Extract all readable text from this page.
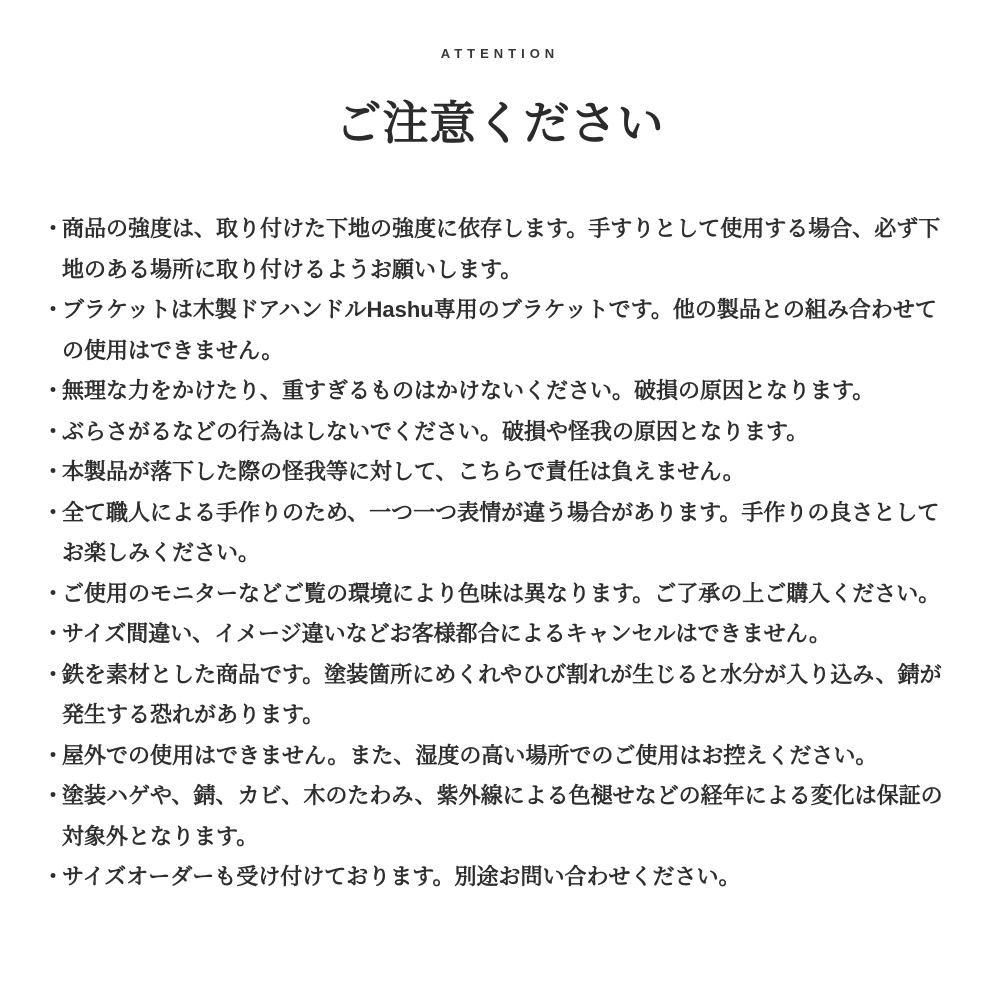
ATTENTION
ご注意ください
・
商品の強度は、取り付けた下地の強度に依存します。手すりとして使用する場合、必ず下地のある場所に取り付けるようお願いします。
・
ブラケットは木製ドアハンドルHashu専用のブラケットです。他の製品との組み合わせての使用はできません。
・
無理な力をかけたり、重すぎるものはかけないください。破損の原因となります。
・
ぶらさがるなどの行為はしないでください。破損や怪我の原因となります。
・
本製品が落下した際の怪我等に対して、こちらで責任は負えません。
・
全て職人による手作りのため、一つ一つ表情が違う場合があります。手作りの良さとしてお楽しみください。
・
ご使用のモニターなどご覧の環境により色味は異なります。ご了承の上ご購入ください。
・
サイズ間違い、イメージ違いなどお客様都合によるキャンセルはできません。
・
鉄を素材とした商品です。塗装箇所にめくれやひび割れが生じると水分が入り込み、錆が発生する恐れがあります。
・
屋外での使用はできません。また、湿度の高い場所でのご使用はお控えください。
・
塗装ハゲや、錆、カビ、木のたわみ、紫外線による色褪せなどの経年による変化は保証の対象外となります。
・
サイズオーダーも受け付けております。別途お問い合わせください。
